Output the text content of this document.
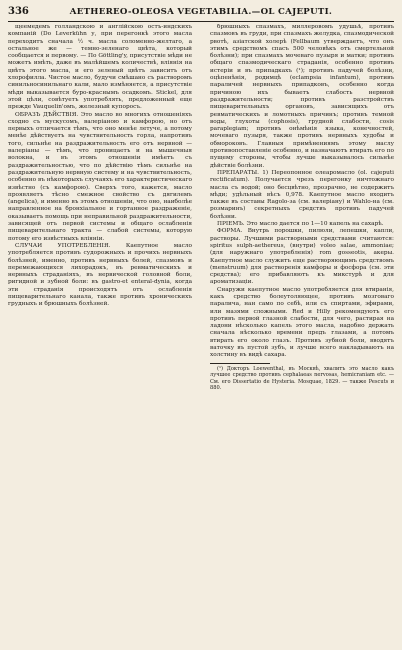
336	AETHEREO-OLEOSA VEGETABILIA.—OL CAJEPUTI.

щеемедемъ голландскою и англійскою остъ-индскихъ компаній (Do Leverkühn у, при перегонкѣ этого масла переходитъ сначала ½ ч. масла соломенно-желтаго, а остальное же — темно-зеленаго цвѣта, который сообщается и первому. — По Göttling'y, присутствіе мѣди не можетъ имѣть, даже въ малѣйшемъ количествѣ, вліянія на цвѣтъ этого масла, и его зеленый цвѣтъ зависитъ отъ хлорофилла. Чистое масло, будучи смѣшано съ растворомъ синильносинильнаго кали, мало измѣняется, а присутствіе мѣди выказывается буро-краснымъ осадкомъ. Stickel, для этой цѣли, совѣтуетъ употреблять, предложенный еще прежде Vauquelin'омъ, железный купоросъ.

ОБРАЗЪ ДѢЙСТВІЯ. Это масло во многихъ отношеніяхъ сходно съ мускусомъ, валеріаною и камфорою, но отъ первыхъ отличается тѣмъ, что оно менѣе летуче, а потому менѣе дѣйствуетъ на чувствительность горла, напротивъ того, сильнѣе на раздражительность его отъ нервной — валеріаны — тѣмъ, что проницаетъ и на мышечныя волокна, и въ этомъ отношеніи имѣетъ съ раздражительностью, что по дѣйствію тѣмъ сильнѣе на раздражительную нервную систему и на чувствительность, особенно въ нѣкоторыхъ случаяхъ его характеристическаго извѣстно (съ камфорою). Сверхъ того, кажется, масло проявляетъ тѣсно смежное свойство съ дягилемъ (angelica), и именно въ этомъ отношеніи, что оно, наиболѣе направленное на бронхіальное и гортанное раздраженіе, оказываетъ помощь при неправильной раздражительности, зависящей отъ первой системы и общаго ослабленія пищеварительнаго тракта — слабой системы, которую потому его извѣстныхъ вліяніи.

СЛУЧАИ УПОТРЕБЛЕНІЯ. Каепутное масло употребляется противъ судорожныхъ и прочихъ нервныхъ болѣзней, именно, противъ нервныхъ болей, спазмовъ и перемежающихся лихорадокъ, въ ревматическихъ и нервныхъ страданіяхъ, въ нервической головной боли, ригидной и зубной боли: въ gastro-et enteral-dynia, когда эти страданія происходятъ отъ ослабленія пищеварительнаго канала, также противъ хроническихъ грудныхъ и брюшныхъ болѣзней.

брюшныхъ спазмахъ, миллеровомъ удушьѣ, противъ спазмовъ въ груди, при спазмахъ желудка, спазмодической рвотѣ, азіатской холерѣ (Fellbaum утверждаетъ, что онъ этимъ средствомъ спасъ 500 человѣкъ отъ смертельной болѣзни); при спазмахъ мочеваго пузыря и матки; противъ общаго спазмодическаго страданія, особенно противъ истеріи и въ припадкахъ (¹); противъ падучей болѣзни, оцѣпенѣнія, родимцѣ (eclampsia infantum), противъ параличей нервныхъ припадковъ, особенно когда причиною ихъ бываетъ слабость нервной раздражительности; противъ разстройствъ пищеварительныхъ органовъ, зависящихъ отъ ревматическихъ и ломотныхъ причинъ; противъ темной воды, глухоты (cophosis), грудной слабости, cosis paraplegiam; противъ онѣмѣнія языка, конечностей, мочеваго пузыря, также противъ нервныхъ худобы и обмороковъ. Главныя примѣнениямъ этому маслу противопоставленіе особенно, и назначаютъ втирать его по пущему стороны, чтобы лучше выказывалось сильнѣе дѣйствіе болѣзни.

ПРЕПАРАТЫ. 1) Переопонное олеаромасло (ol. cajeputi rectificatum). Получается чрезъ перегонку ничтожнаго масла съ водой; оно бесцвѣтно, прозрачно, не содержитъ мѣди; удѣльный вѣсъ 0,978. Каепутное масло входитъ также въ составы Ragolo-за (см. валеріану) и Wahlo-на (см. розмаринъ) секретныхъ средствъ противъ падучей болѣзни.

ПРІЕМЪ. Это масло дается по 1—10 капель на сахарѣ.

ФОРМА. Внутрь порошки, пилюли, лепешки, капли, растворы. Лучшими растворными средствами считаются: spiritus sulph-aethereus, (внутри) voleo salae, ammoniae; (для наружнаго употребленія) rom gosseotis, акеры. Каепутное масло служитъ еще растворяющимъ средствомъ (menstruum) для растворенія камфоры и фосфора (см. эти средства); его прибавляютъ къ микстурѣ и для ароматизаціи.

Снаружи каепутное масло употребляется для втиранія, какъ средство болеутоляющее, противъ мозговаго паралича, нан само по себѣ, или съ спиртами, эфирами, или мазями сложными. Red и Hilly рекомендуютъ его противъ первой глазной слабости, для чего, растирая на ладони нѣсколько капель этого масла, надобно держать сначала нѣсколько времени предъ глазами, а потомъ втирать его около глазъ. Противъ зубной боли, вводятъ ваточку въ пустой зубъ, и лучше всего накладываютъ на холстину въ видѣ сахара.

(¹) Докторъ Loewenthal, въ Москвѣ, хвалитъ это масло какъ лучшее средство противъ cephalaeas nervosas, hemicraniam etc. — См. его Dissertatio de Hysteria. Mosquae, 1829. — также Pescuts и 880.
